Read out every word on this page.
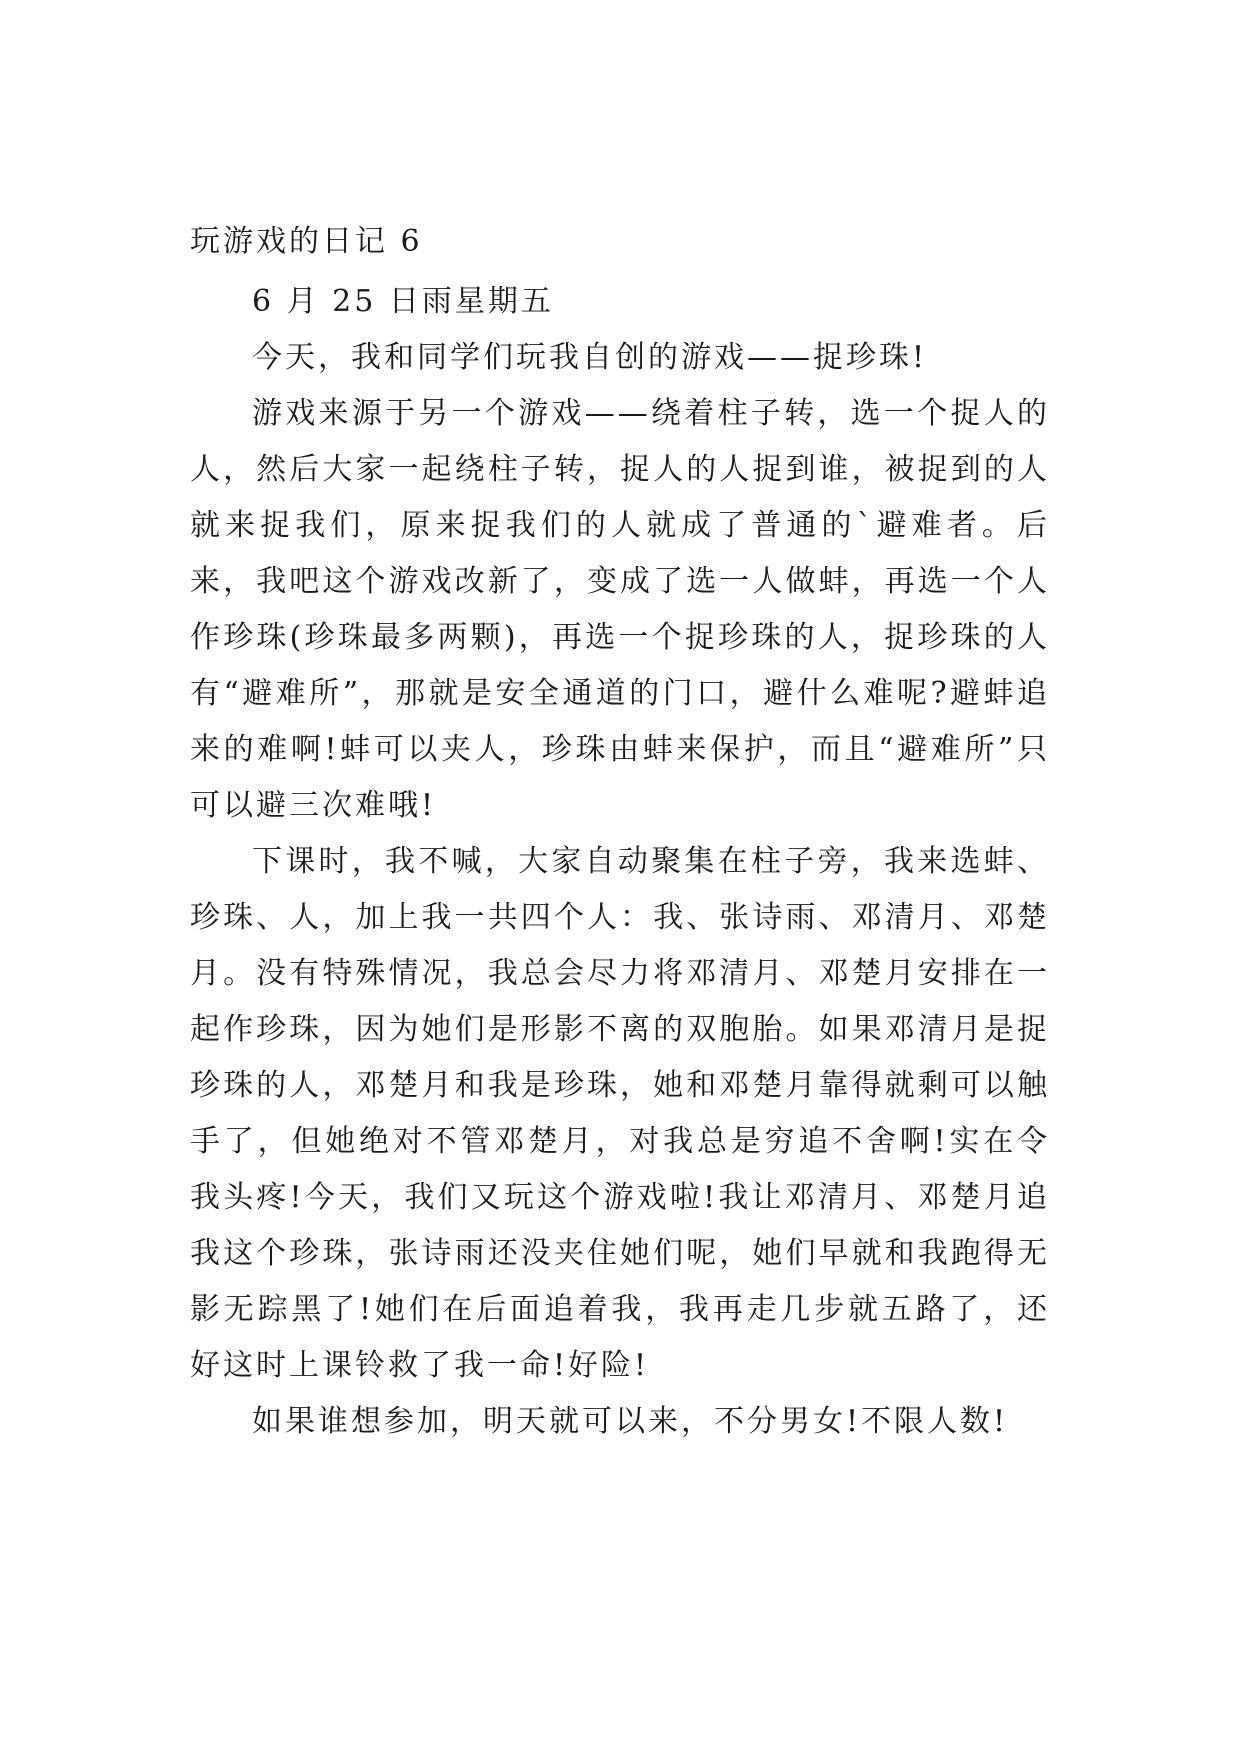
玩游戏的日记 6

6 月 25 日雨星期五

今天，我和同学们玩我自创的游戏——捉珍珠!

游戏来源于另一个游戏——绕着柱子转，选一个捉人的人，然后大家一起绕柱子转，捉人的人捉到谁，被捉到的人就来捉我们，原来捉我们的人就成了普通的`避难者。后来，我吧这个游戏改新了，变成了选一人做蚌，再选一个人作珍珠(珍珠最多两颗)，再选一个捉珍珠的人，捉珍珠的人有“避难所”，那就是安全通道的门口，避什么难呢?避蚌追来的难啊!蚌可以夹人，珍珠由蚌来保护，而且“避难所”只可以避三次难哦!

下课时，我不喊，大家自动聚集在柱子旁，我来选蚌、珍珠、人，加上我一共四个人：我、张诗雨、邓清月、邓楚月。没有特殊情况，我总会尽力将邓清月、邓楚月安排在一起作珍珠，因为她们是形影不离的双胞胎。如果邓清月是捉珍珠的人，邓楚月和我是珍珠，她和邓楚月靠得就剩可以触手了，但她绝对不管邓楚月，对我总是穷追不舍啊!实在令我头疼!今天，我们又玩这个游戏啦!我让邓清月、邓楚月追我这个珍珠，张诗雨还没夹住她们呢，她们早就和我跑得无影无踪黑了!她们在后面追着我，我再走几步就五路了，还好这时上课铃救了我一命!好险!

如果谁想参加，明天就可以来，不分男女!不限人数!
